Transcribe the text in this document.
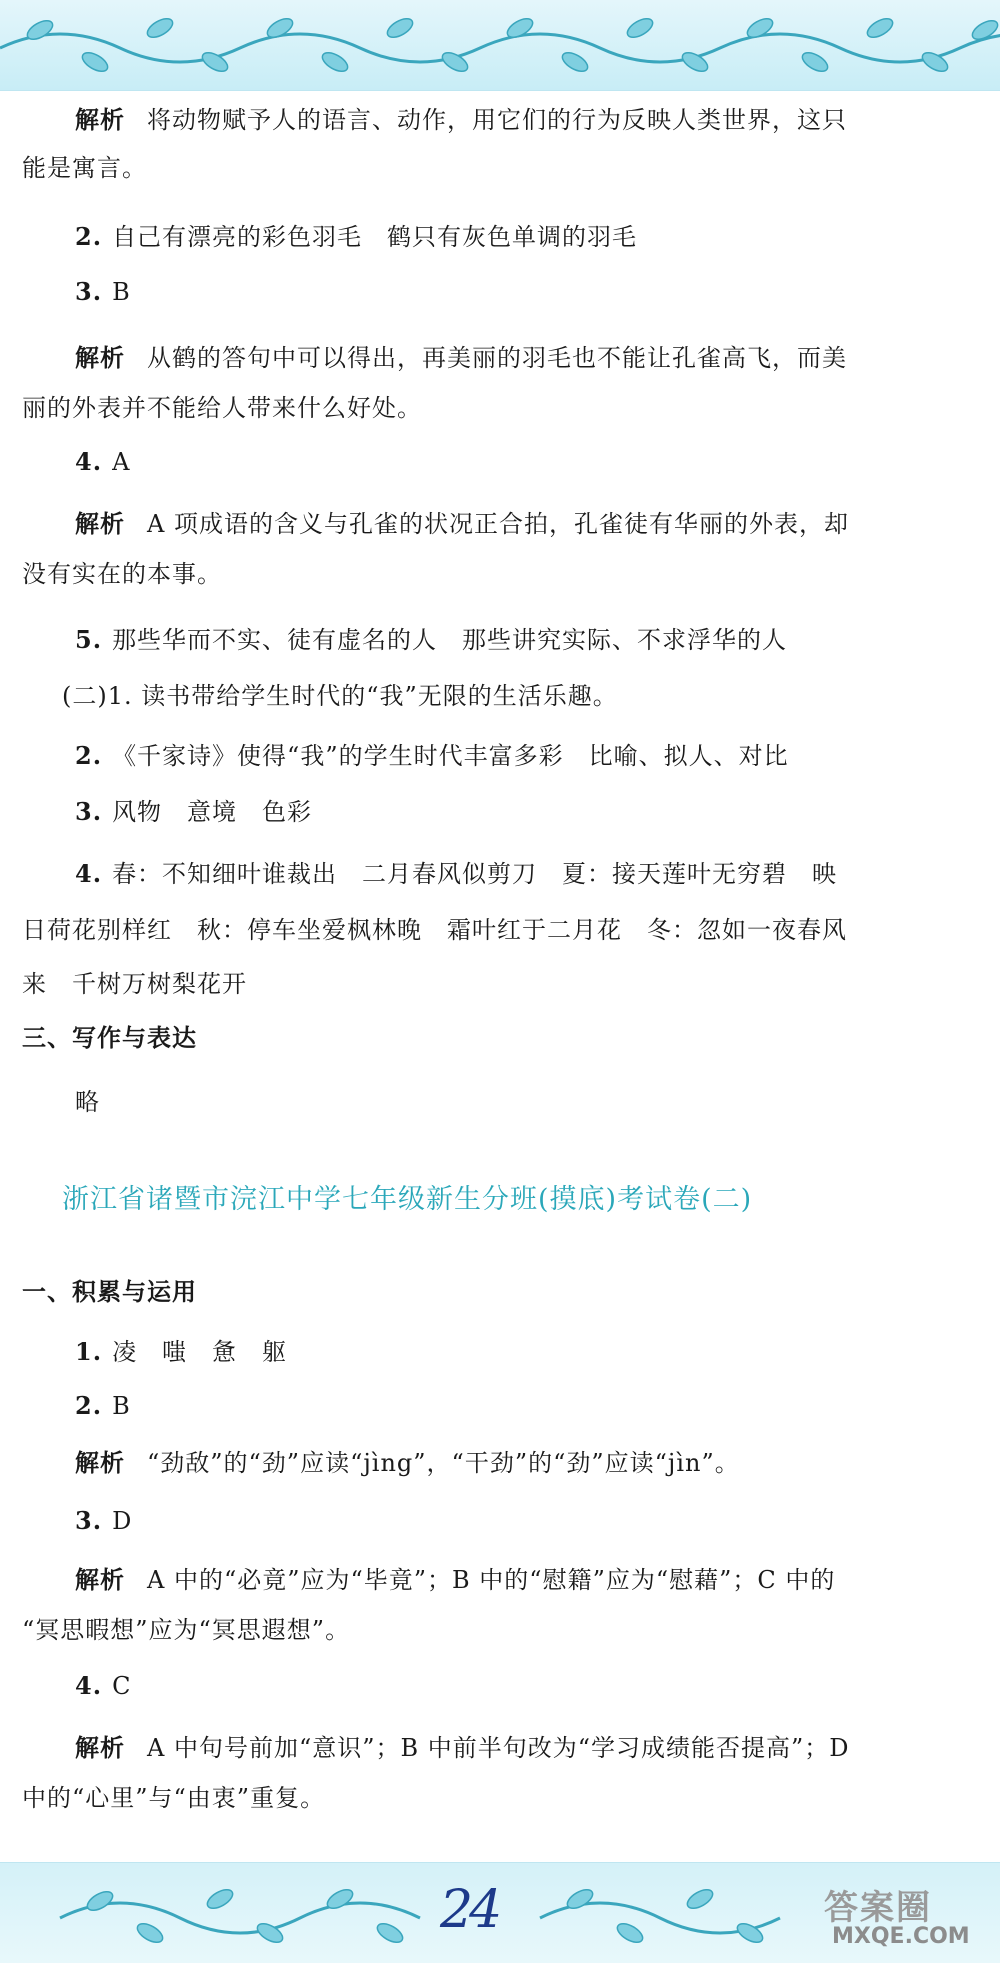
解析 将动物赋予人的语言、动作，用它们的行为反映人类世界，这只
能是寓言。
2. 自己有漂亮的彩色羽毛　鹤只有灰色单调的羽毛
3. B
解析 从鹤的答句中可以得出，再美丽的羽毛也不能让孔雀高飞，而美
丽的外表并不能给人带来什么好处。
4. A
解析 A 项成语的含义与孔雀的状况正合拍，孔雀徒有华丽的外表，却
没有实在的本事。
5. 那些华而不实、徒有虚名的人　那些讲究实际、不求浮华的人
(二)1. 读书带给学生时代的“我”无限的生活乐趣。
2. 《千家诗》使得“我”的学生时代丰富多彩　比喻、拟人、对比
3. 风物　意境　色彩
4. 春：不知细叶谁裁出　二月春风似剪刀　夏：接天莲叶无穷碧　映
日荷花别样红　秋：停车坐爱枫林晚　霜叶红于二月花　冬：忽如一夜春风
来　千树万树梨花开
三、写作与表达
略
浙江省诸暨市浣江中学七年级新生分班(摸底)考试卷(二)
一、积累与运用
1. 凌　嗤　惫　躯
2. B
解析 “劲敌”的“劲”应读“jìng”，“干劲”的“劲”应读“jìn”。
3. D
解析 A 中的“必竟”应为“毕竟”；B 中的“慰籍”应为“慰藉”；C 中的
“冥思暇想”应为“冥思遐想”。
4. C
解析 A 中句号前加“意识”；B 中前半句改为“学习成绩能否提高”；D
中的“心里”与“由衷”重复。
24	答案圈
MXQE.COM
